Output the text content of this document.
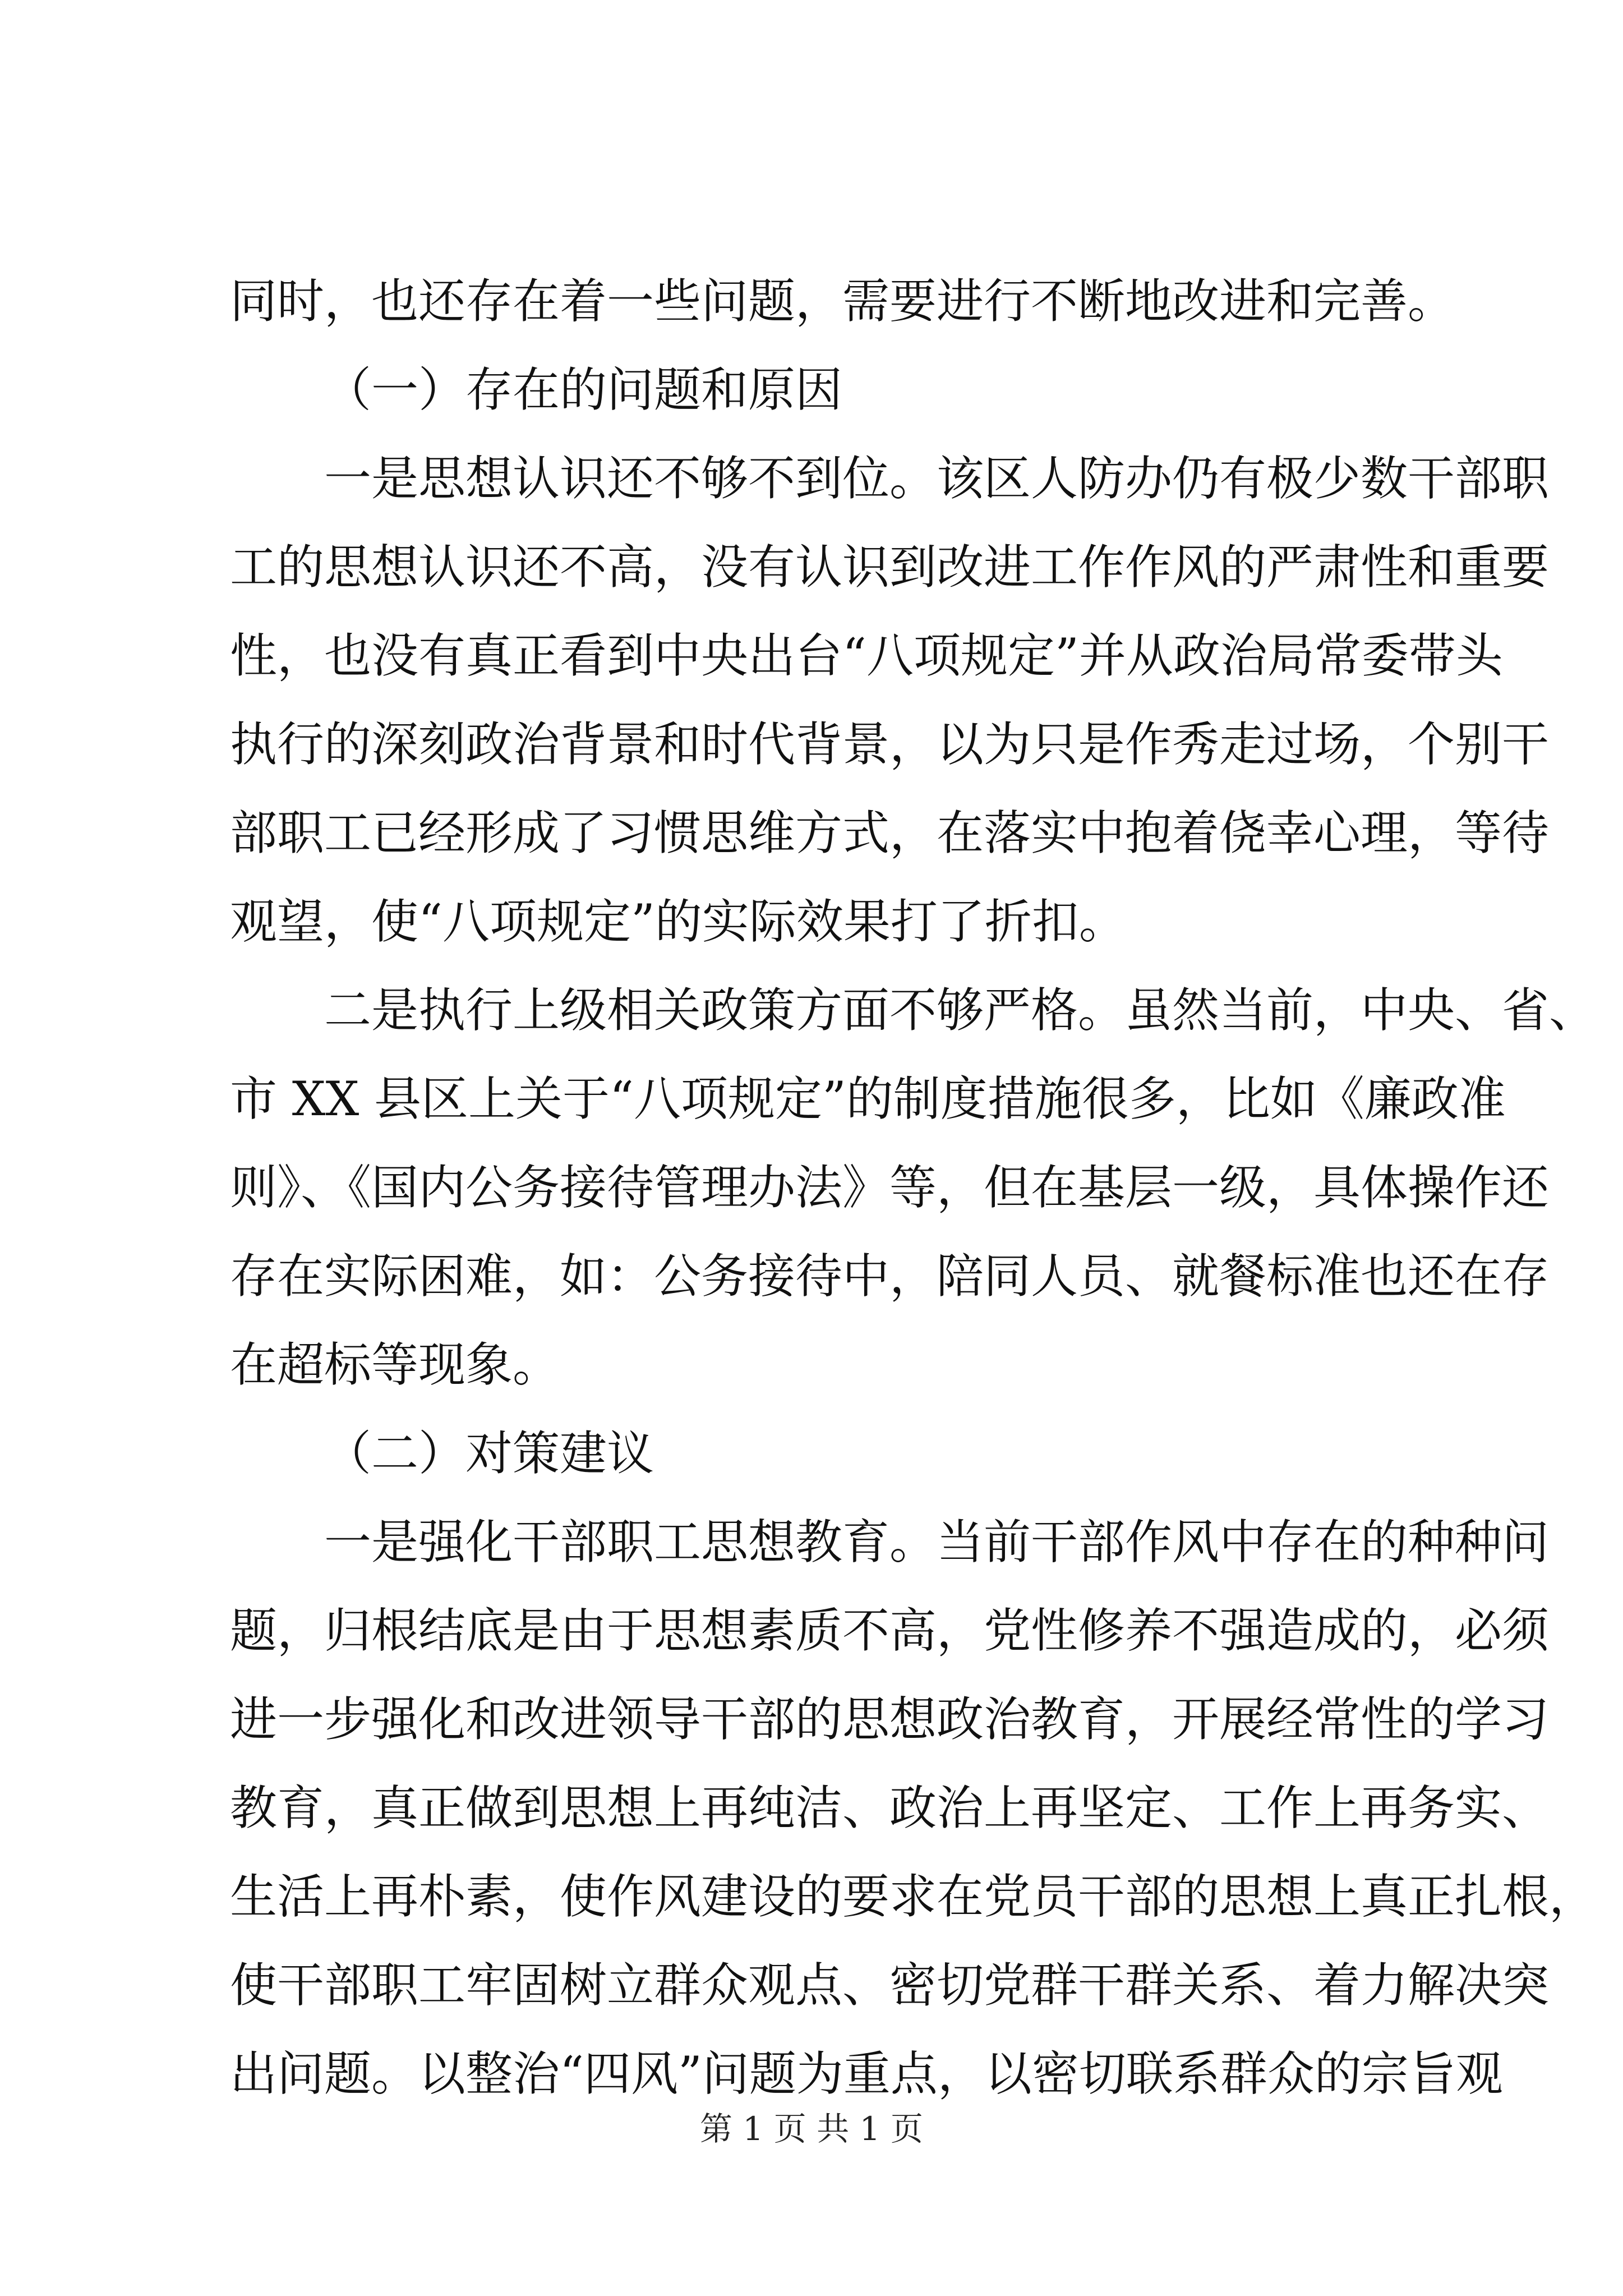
同时，也还存在着一些问题，需要进行不断地改进和完善。
（一）存在的问题和原因
一是思想认识还不够不到位。该区人防办仍有极少数干部职
工的思想认识还不高，没有认识到改进工作作风的严肃性和重要
性，也没有真正看到中央出台“八项规定”并从政治局常委带头
执行的深刻政治背景和时代背景，以为只是作秀走过场，个别干
部职工已经形成了习惯思维方式，在落实中抱着侥幸心理，等待
观望，使“八项规定”的实际效果打了折扣。
二是执行上级相关政策方面不够严格。虽然当前，中央、省、
市 XX 县区上关于“八项规定”的制度措施很多，比如《廉政准
则》、《国内公务接待管理办法》等，但在基层一级，具体操作还
存在实际困难，如：公务接待中，陪同人员、就餐标准也还在存
在超标等现象。
（二）对策建议
一是强化干部职工思想教育。当前干部作风中存在的种种问
题，归根结底是由于思想素质不高，党性修养不强造成的，必须
进一步强化和改进领导干部的思想政治教育，开展经常性的学习
教育，真正做到思想上再纯洁、政治上再坚定、工作上再务实、
生活上再朴素，使作风建设的要求在党员干部的思想上真正扎根，
使干部职工牢固树立群众观点、密切党群干群关系、着力解决突
出问题。以整治“四风”问题为重点，以密切联系群众的宗旨观
第 1 页 共 1 页
